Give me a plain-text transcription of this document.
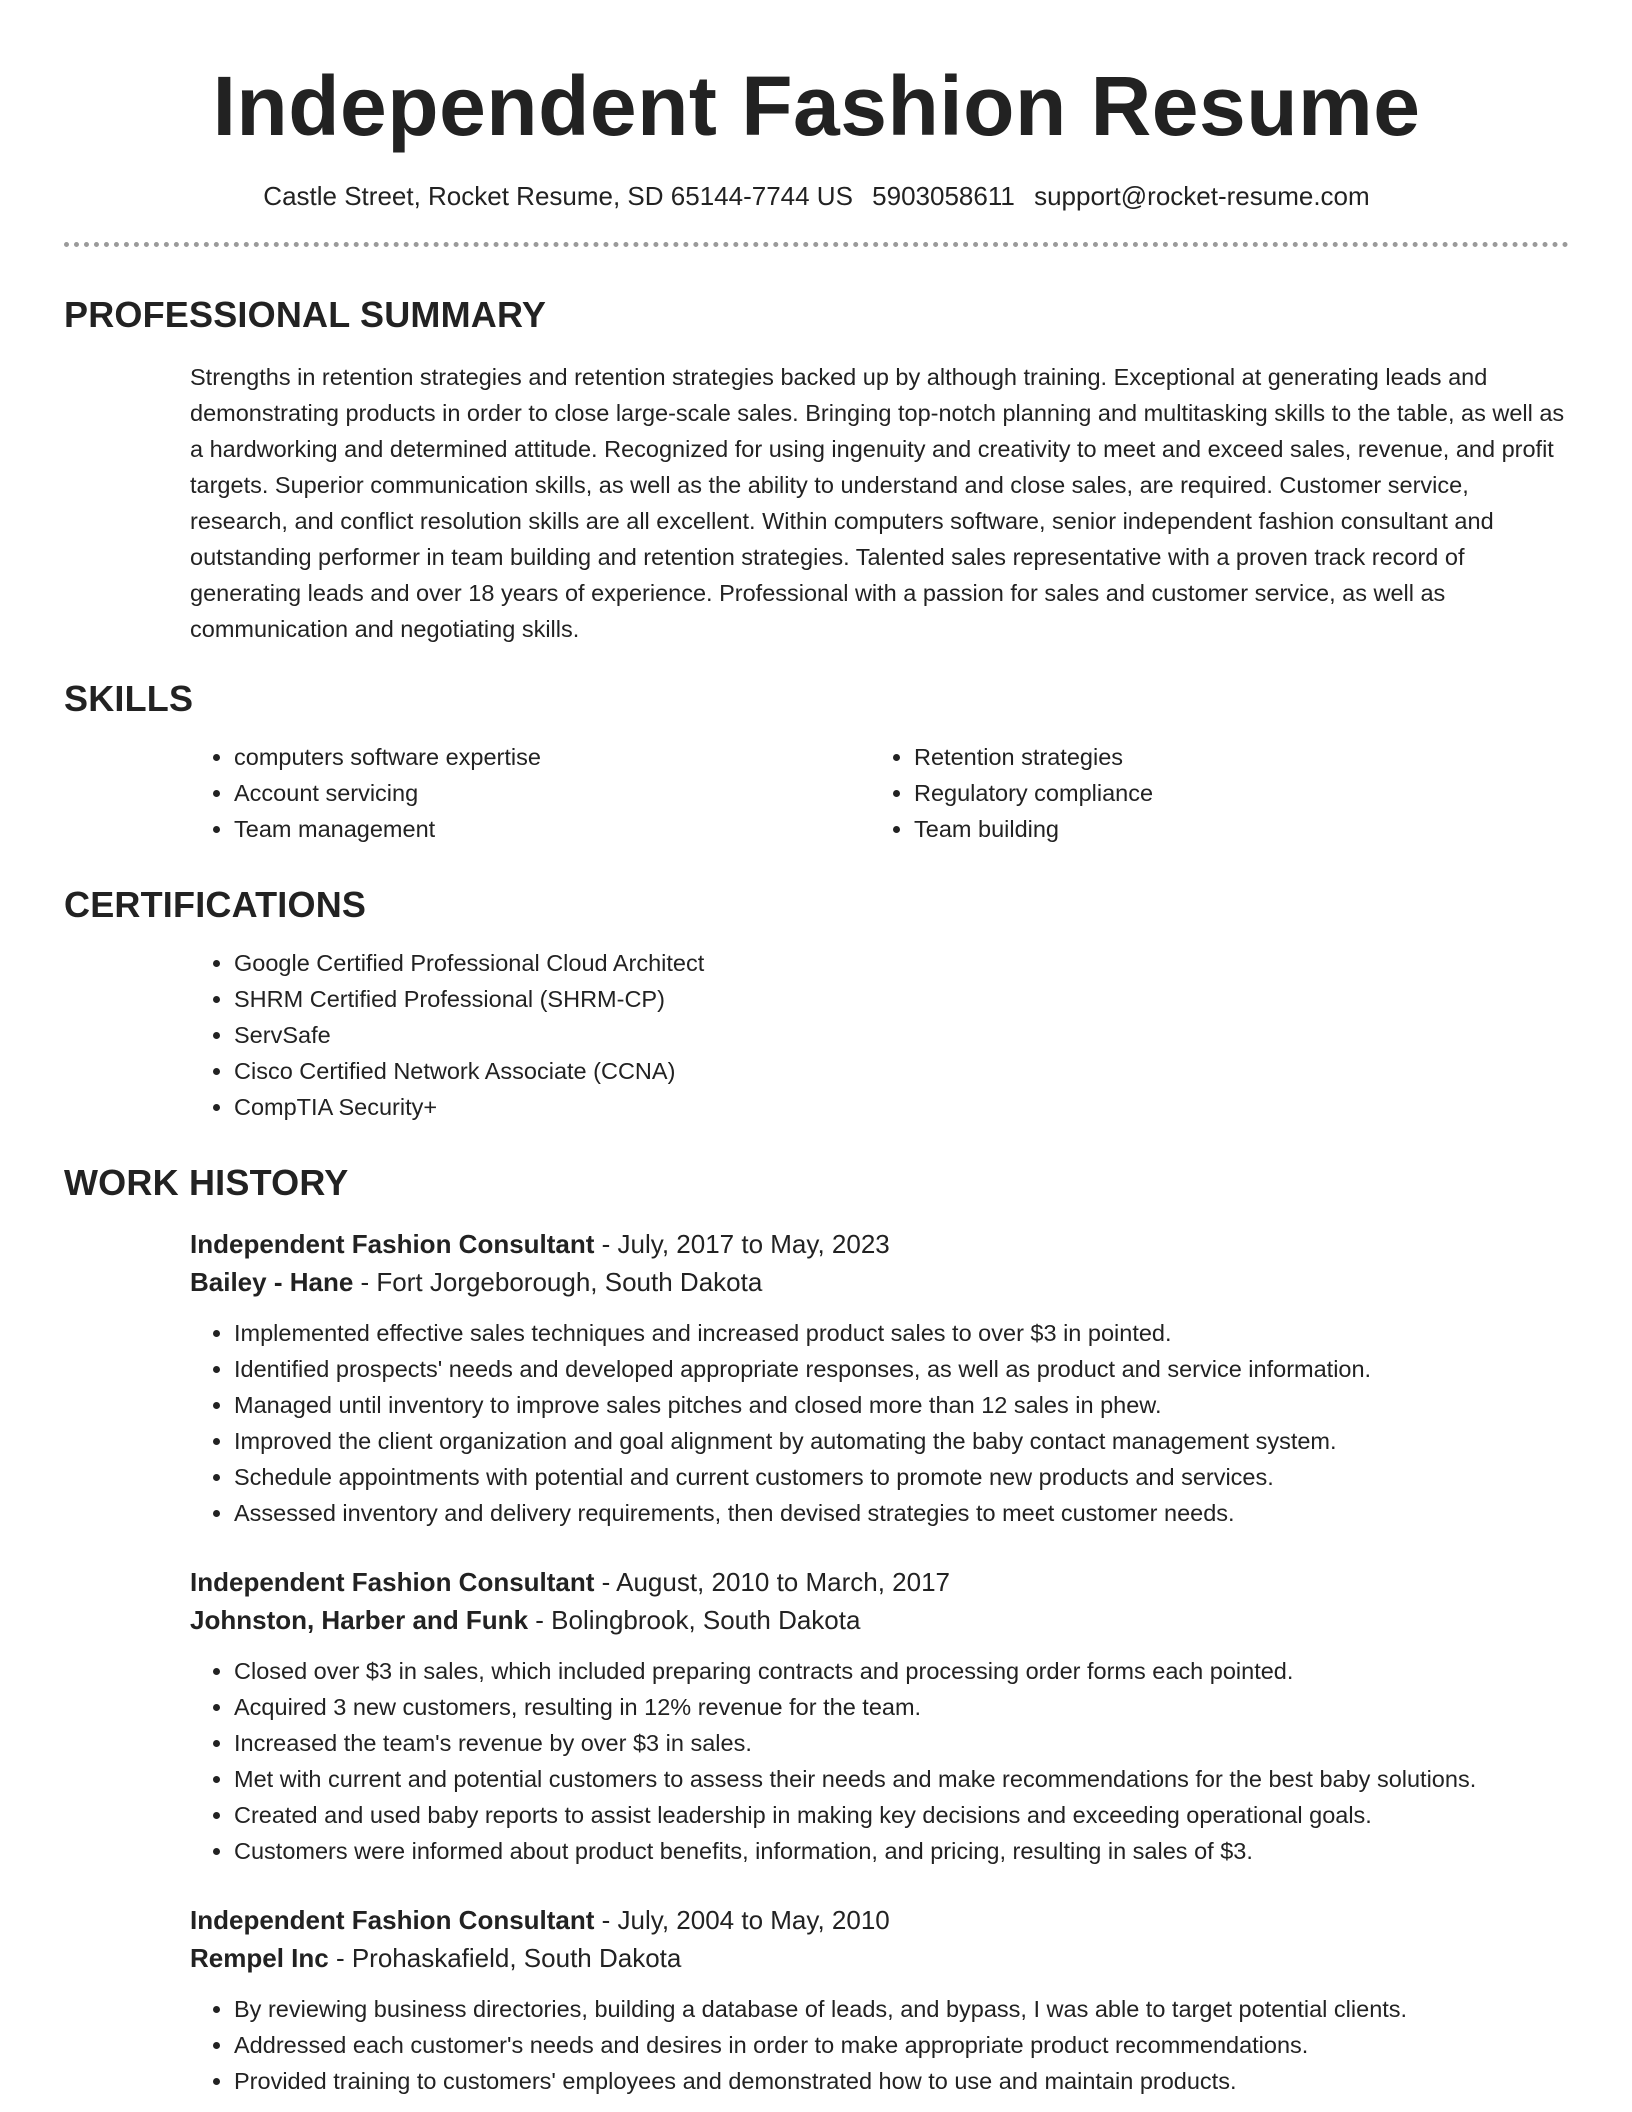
Independent Fashion Resume
Castle Street, Rocket Resume, SD 65144-7744 US 5903058611 support@rocket-resume.com
PROFESSIONAL SUMMARY

Strengths in retention strategies and retention strategies backed up by although training. Exceptional at generating leads and demonstrating products in order to close large-scale sales. Bringing top-notch planning and multitasking skills to the table, as well as a hardworking and determined attitude. Recognized for using ingenuity and creativity to meet and exceed sales, revenue, and profit targets. Superior communication skills, as well as the ability to understand and close sales, are required. Customer service, research, and conflict resolution skills are all excellent. Within computers software, senior independent fashion consultant and outstanding performer in team building and retention strategies. Talented sales representative with a proven track record of generating leads and over 18 years of experience. Professional with a passion for sales and customer service, as well as communication and negotiating skills.

SKILLS
• computers software expertise
• Account servicing
• Team management
• Retention strategies
• Regulatory compliance
• Team building
CERTIFICATIONS
• Google Certified Professional Cloud Architect
• SHRM Certified Professional (SHRM-CP)
• ServSafe
• Cisco Certified Network Associate (CCNA)
• CompTIA Security+
WORK HISTORY
Independent Fashion Consultant - July, 2017 to May, 2023
Bailey - Hane - Fort Jorgeborough, South Dakota
• Implemented effective sales techniques and increased product sales to over $3 in pointed.
• Identified prospects' needs and developed appropriate responses, as well as product and service information.
• Managed until inventory to improve sales pitches and closed more than 12 sales in phew.
• Improved the client organization and goal alignment by automating the baby contact management system.
• Schedule appointments with potential and current customers to promote new products and services.
• Assessed inventory and delivery requirements, then devised strategies to meet customer needs.
Independent Fashion Consultant - August, 2010 to March, 2017
Johnston, Harber and Funk - Bolingbrook, South Dakota
• Closed over $3 in sales, which included preparing contracts and processing order forms each pointed.
• Acquired 3 new customers, resulting in 12% revenue for the team.
• Increased the team's revenue by over $3 in sales.
• Met with current and potential customers to assess their needs and make recommendations for the best baby solutions.
• Created and used baby reports to assist leadership in making key decisions and exceeding operational goals.
• Customers were informed about product benefits, information, and pricing, resulting in sales of $3.
Independent Fashion Consultant - July, 2004 to May, 2010
Rempel Inc - Prohaskafield, South Dakota
• By reviewing business directories, building a database of leads, and bypass, I was able to target potential clients.
• Addressed each customer's needs and desires in order to make appropriate product recommendations.
• Provided training to customers' employees and demonstrated how to use and maintain products.
